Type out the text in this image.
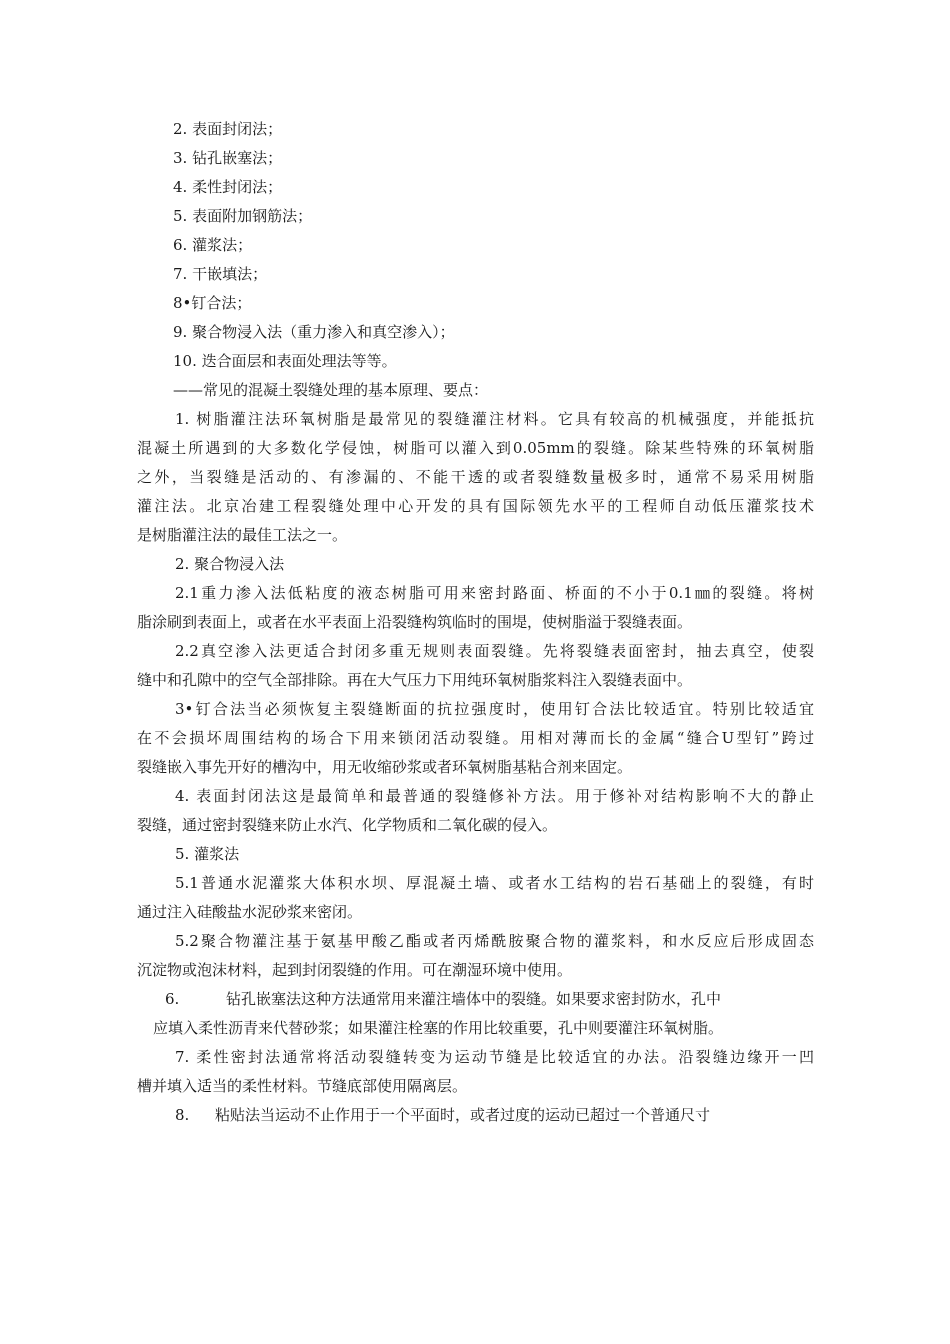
2. 表面封闭法；
3. 钻孔嵌塞法；
4. 柔性封闭法；
5. 表面附加钢筋法；
6. 灌浆法；
7. 干嵌填法；
8•钉合法；
9. 聚合物浸入法（重力渗入和真空渗入）；
10. 迭合面层和表面处理法等等。
——常见的混凝土裂缝处理的基本原理、要点：
1. 树脂灌注法环氧树脂是最常见的裂缝灌注材料。它具有较高的机械强度，并能抵抗
混凝土所遇到的大多数化学侵蚀，树脂可以灌入到0.05mm的裂缝。除某些特殊的环氧树脂
之外，当裂缝是活动的、有渗漏的、不能干透的或者裂缝数量极多时，通常不易采用树脂
灌注法。北京冶建工程裂缝处理中心开发的具有国际领先水平的工程师自动低压灌浆技术
是树脂灌注法的最佳工法之一。
2. 聚合物浸入法
2.1重力渗入法低粘度的液态树脂可用来密封路面、桥面的不小于0.1㎜的裂缝。将树
脂涂刷到表面上，或者在水平表面上沿裂缝构筑临时的围堤，使树脂溢于裂缝表面。
2.2真空渗入法更适合封闭多重无规则表面裂缝。先将裂缝表面密封，抽去真空，使裂
缝中和孔隙中的空气全部排除。再在大气压力下用纯环氧树脂浆料注入裂缝表面中。
3•钉合法当必须恢复主裂缝断面的抗拉强度时，使用钉合法比较适宜。特别比较适宜
在不会损坏周围结构的场合下用来锁闭活动裂缝。用相对薄而长的金属“缝合U型钉”跨过
裂缝嵌入事先开好的槽沟中，用无收缩砂浆或者环氧树脂基粘合剂来固定。
4. 表面封闭法这是最简单和最普通的裂缝修补方法。用于修补对结构影响不大的静止
裂缝，通过密封裂缝来防止水汽、化学物质和二氧化碳的侵入。
5. 灌浆法
5.1普通水泥灌浆大体积水坝、厚混凝土墙、或者水工结构的岩石基础上的裂缝，有时
通过注入硅酸盐水泥砂浆来密闭。
5.2聚合物灌注基于氨基甲酸乙酯或者丙烯酰胺聚合物的灌浆料，和水反应后形成固态
沉淀物或泡沫材料，起到封闭裂缝的作用。可在潮湿环境中使用。
6.	钻孔嵌塞法这种方法通常用来灌注墙体中的裂缝。如果要求密封防水，孔中
应填入柔性沥青来代替砂浆；如果灌注栓塞的作用比较重要，孔中则要灌注环氧树脂。
7. 柔性密封法通常将活动裂缝转变为运动节缝是比较适宜的办法。沿裂缝边缘开一凹
槽并填入适当的柔性材料。节缝底部使用隔离层。
8. 粘贴法当运动不止作用于一个平面时，或者过度的运动已超过一个普通尺寸
